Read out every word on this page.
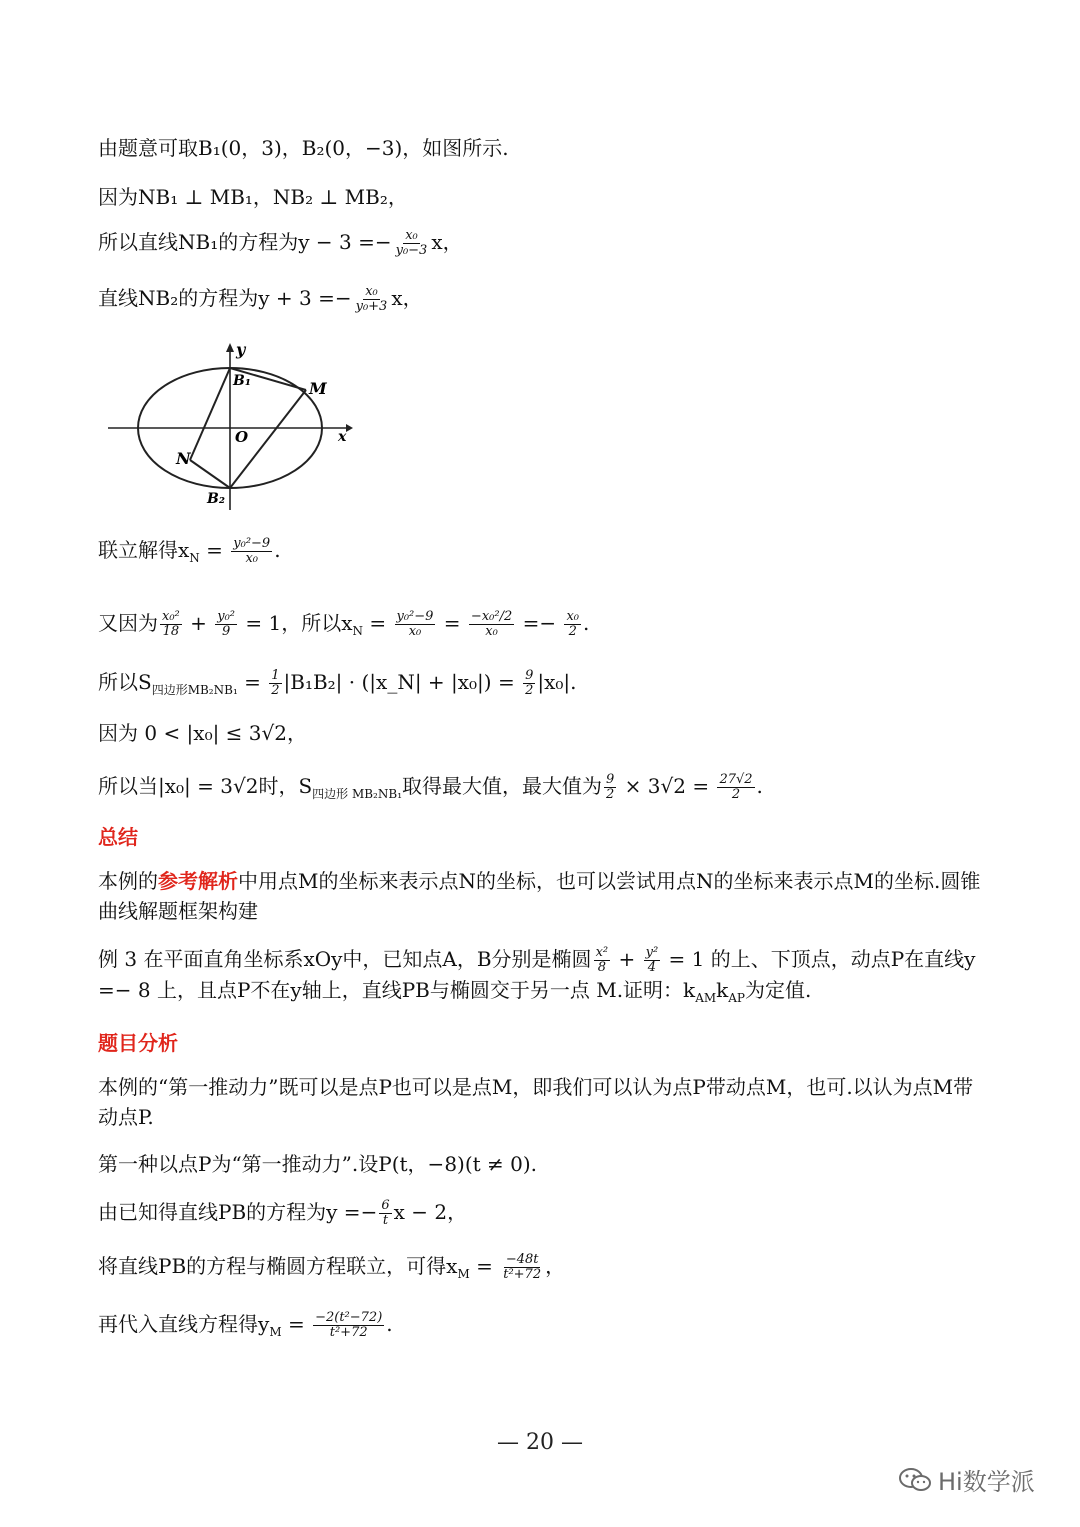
由题意可取B₁(0，3)，B₂(0，−3)，如图所示.
因为NB₁ ⊥ MB₁，NB₂ ⊥ MB₂，
所以直线NB₁的方程为$y - 3 =- \frac{\text{x₀}}{\text{y₀−3}}$ x，
直线NB₂的方程为$y + 3 =- \frac{\text{x₀}}{\text{y₀+3}}$ x，
y
x
O
B₁
B₂
M
N
联立解得$x_N = \frac{\text{y₀²−9}}{\text{x₀}}$ .
又因为 $\frac{\text{x₀²}}{18} + \frac{\text{y₀²}}{9} = 1$，所以$x_N = \frac{\text{y₀²−9}}{\text{x₀}} = \frac{\text{−x₀²/2}}{\text{x₀}} =- \frac{\text{x₀}}{2}$ .
所以$S_{四边形MB_2NB_1} = \frac{1}{2} |B_1B_2|$ · (|x_N| + $|x_0|) = \frac{9}{2} |x_0|$.
因为 0 < |x₀| ≤ 3√2，
所以当|x₀| = 3√2时，$S_{四边形 MB_2NB_1}$取得最大值，最大值为 $\frac{9}{2} \times 3√2 = \frac{27√2}{2}$ .
总结
本例的参考解析中用点M的坐标来表示点N的坐标，也可以尝试用点N的坐标来表示点M的坐标.圆锥曲线解题框架构建
例 3 在平面直角坐标系xOy中，已知点A，B分别是椭圆 $\frac{\text{x²}}{8} + \frac{\text{y²}}{4} = 1$ 的上、下顶点，动点P在直线y =− 8 上，且点P不在y轴上，直线PB与椭圆交于另一点 M.证明：$k_{AM}k_{AP}$为定值.
题目分析
本例的“第一推动力”既可以是点P也可以是点M，即我们可以认为点P带动点M，也可.以认为点M带动点P.
第一种以点P为“第一推动力”.设P(t，−8)(t ≠ 0).
由已知得直线PB的方程为$y =- \frac{6}{t}$ x − 2，
将直线PB的方程与椭圆方程联立，可得$x_M = \frac{-48t}{\text{t²+72}}$ ，
再代入直线方程得$y_M = \frac{\text{−2(t²−72)}}{\text{t²+72}}$ .
— 20 —
Hi数学派
